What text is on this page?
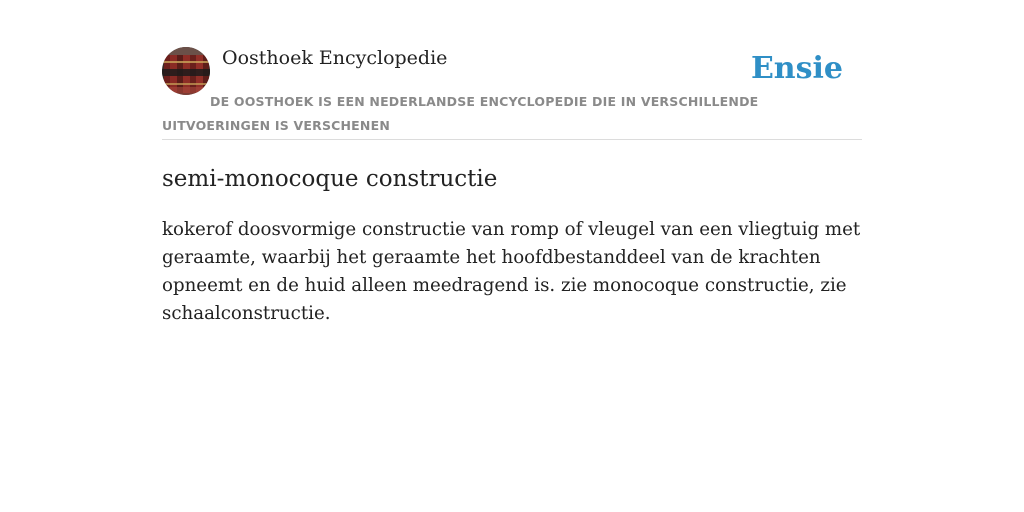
Oosthoek Encyclopedie	Ensie
DE OOSTHOEK IS EEN NEDERLANDSE ENCYCLOPEDIE DIE IN VERSCHILLENDE UITVOERINGEN IS VERSCHENEN
semi-monocoque constructie

kokerof doosvormige constructie van romp of vleugel van een vliegtuig met geraamte, waarbij het geraamte het hoofdbestanddeel van de krachten opneemt en de huid alleen meedragend is. zie monocoque constructie, zie schaalconstructie.
